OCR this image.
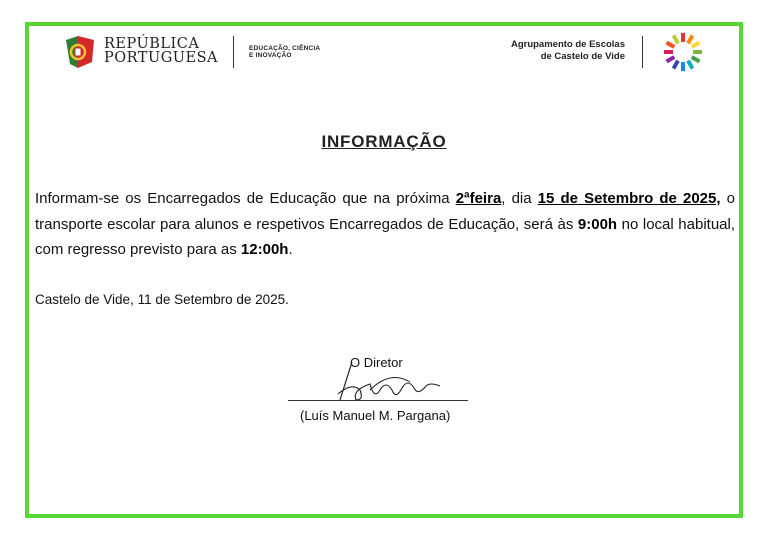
REPÚBLICA
PORTUGUESA
EDUCAÇÃO, CIÊNCIA
E INOVAÇÃO
Agrupamento de Escolas
de Castelo de Vide
INFORMAÇÃO
Informam-se os Encarregados de Educação que na próxima 2ªfeira, dia 15 de Setembro de 2025, o transporte escolar para alunos e respetivos Encarregados de Educação, será às 9:00h no local habitual, com regresso previsto para as 12:00h.
Castelo de Vide, 11 de Setembro de 2025.
O Diretor
(Luís Manuel M. Pargana)
